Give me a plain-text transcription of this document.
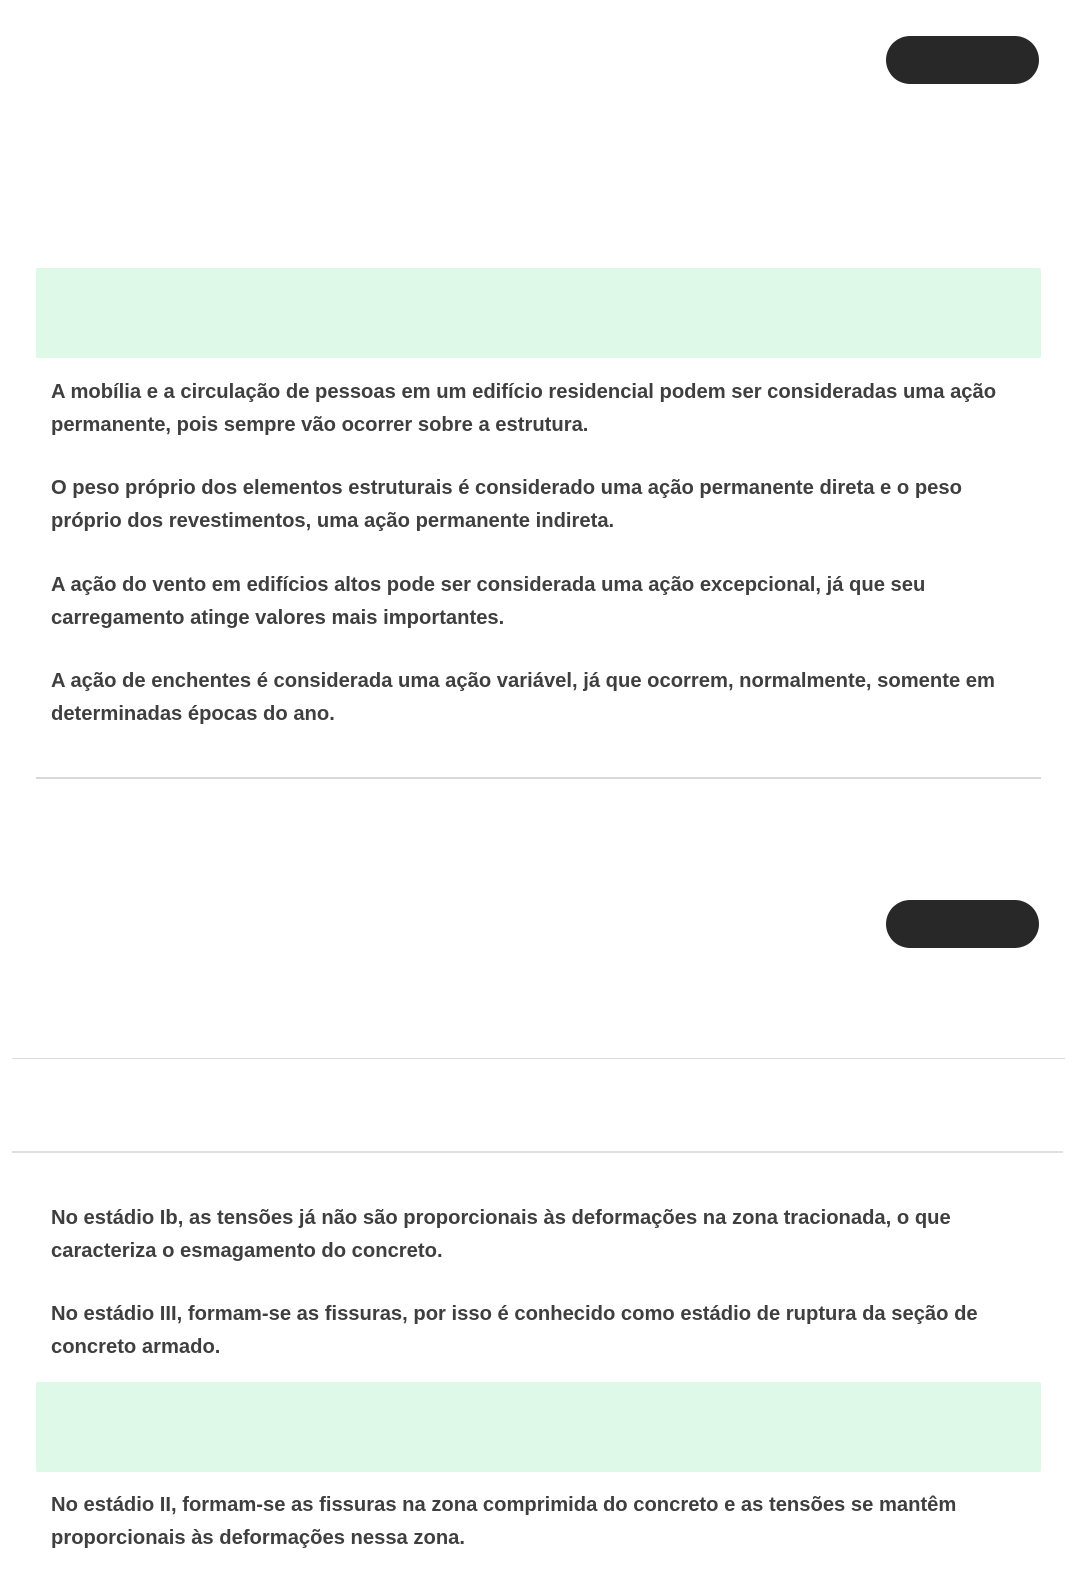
A mobília e a circulação de pessoas em um edifício residencial podem ser consideradas uma ação permanente, pois sempre vão ocorrer sobre a estrutura.

O peso próprio dos elementos estruturais é considerado uma ação permanente direta e o peso próprio dos revestimentos, uma ação permanente indireta.

A ação do vento em edifícios altos pode ser considerada uma ação excepcional, já que seu carregamento atinge valores mais importantes.

A ação de enchentes é considerada uma ação variável, já que ocorrem, normalmente, somente em determinadas épocas do ano.

No estádio Ib, as tensões já não são proporcionais às deformações na zona tracionada, o que caracteriza o esmagamento do concreto.

No estádio III, formam-se as fissuras, por isso é conhecido como estádio de ruptura da seção de concreto armado.

No estádio II, formam-se as fissuras na zona comprimida do concreto e as tensões se mantêm proporcionais às deformações nessa zona.
